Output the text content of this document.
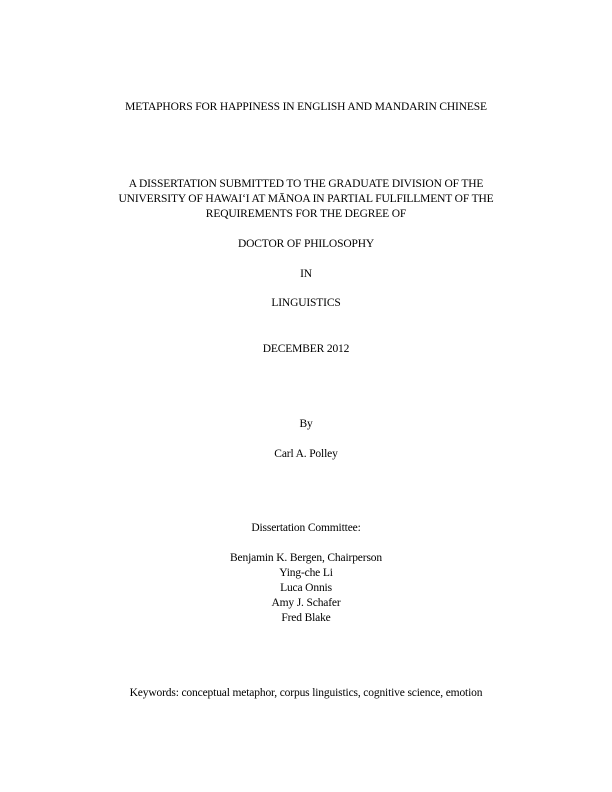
METAPHORS FOR HAPPINESS IN ENGLISH AND MANDARIN CHINESE
A DISSERTATION SUBMITTED TO THE GRADUATE DIVISION OF THE
UNIVERSITY OF HAWAI‘I AT MĀNOA IN PARTIAL FULFILLMENT OF THE
REQUIREMENTS FOR THE DEGREE OF
DOCTOR OF PHILOSOPHY
IN
LINGUISTICS
DECEMBER 2012
By
Carl A. Polley
Dissertation Committee:
Benjamin K. Bergen, Chairperson
Ying-che Li
Luca Onnis
Amy J. Schafer
Fred Blake
Keywords: conceptual metaphor, corpus linguistics, cognitive science, emotion
